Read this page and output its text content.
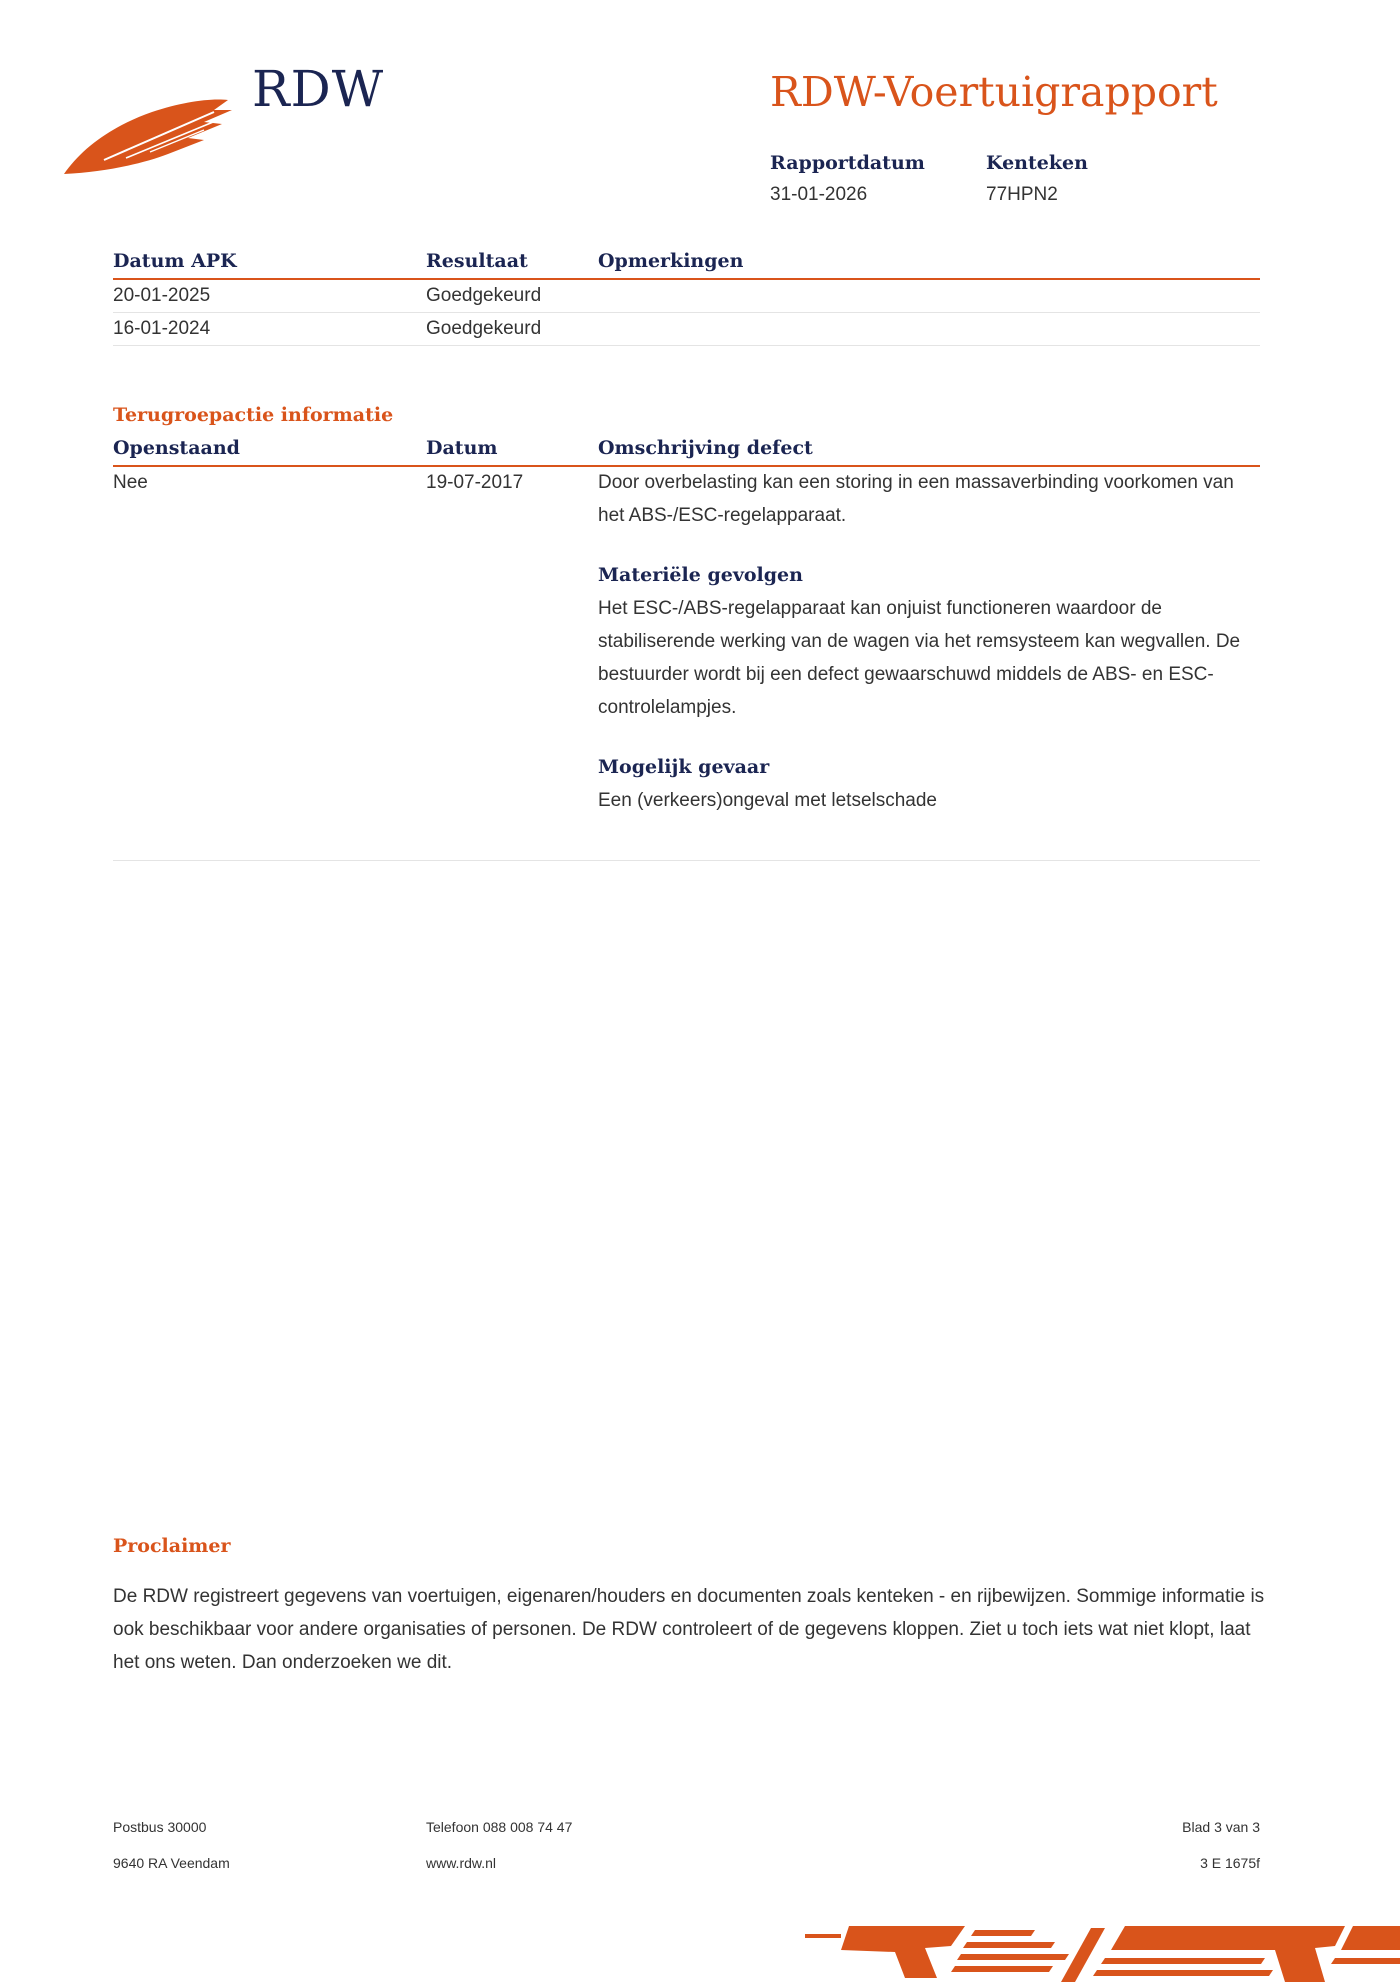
RDW	RDW-Voertuigrapport
Rapportdatum
31-01-2026
Kenteken
77HPN2
Datum APK	Resultaat	Opmerkingen
20-01-2025	Goedgekeurd
16-01-2024	Goedgekeurd
Terugroepactie informatie
Openstaand	Datum	Omschrijving defect
Nee	19-07-2017	Door overbelasting kan een storing in een massaverbinding voorkomen van het ABS-/ESC-regelapparaat.
Materiële gevolgen
Het ESC-/ABS-regelapparaat kan onjuist functioneren waardoor de stabiliserende werking van de wagen via het remsysteem kan wegvallen. De bestuurder wordt bij een defect gewaarschuwd middels de ABS- en ESC-controlelampjes.
Mogelijk gevaar
Een (verkeers)ongeval met letselschade
Proclaimer
De RDW registreert gegevens van voertuigen, eigenaren/houders en documenten zoals kenteken - en rijbewijzen. Sommige informatie is ook beschikbaar voor andere organisaties of personen. De RDW controleert of de gegevens kloppen. Ziet u toch iets wat niet klopt, laat het ons weten. Dan onderzoeken we dit.
Postbus 30000
9640 RA Veendam
Telefoon 088 008 74 47
www.rdw.nl
Blad 3 van 3
3 E 1675f
